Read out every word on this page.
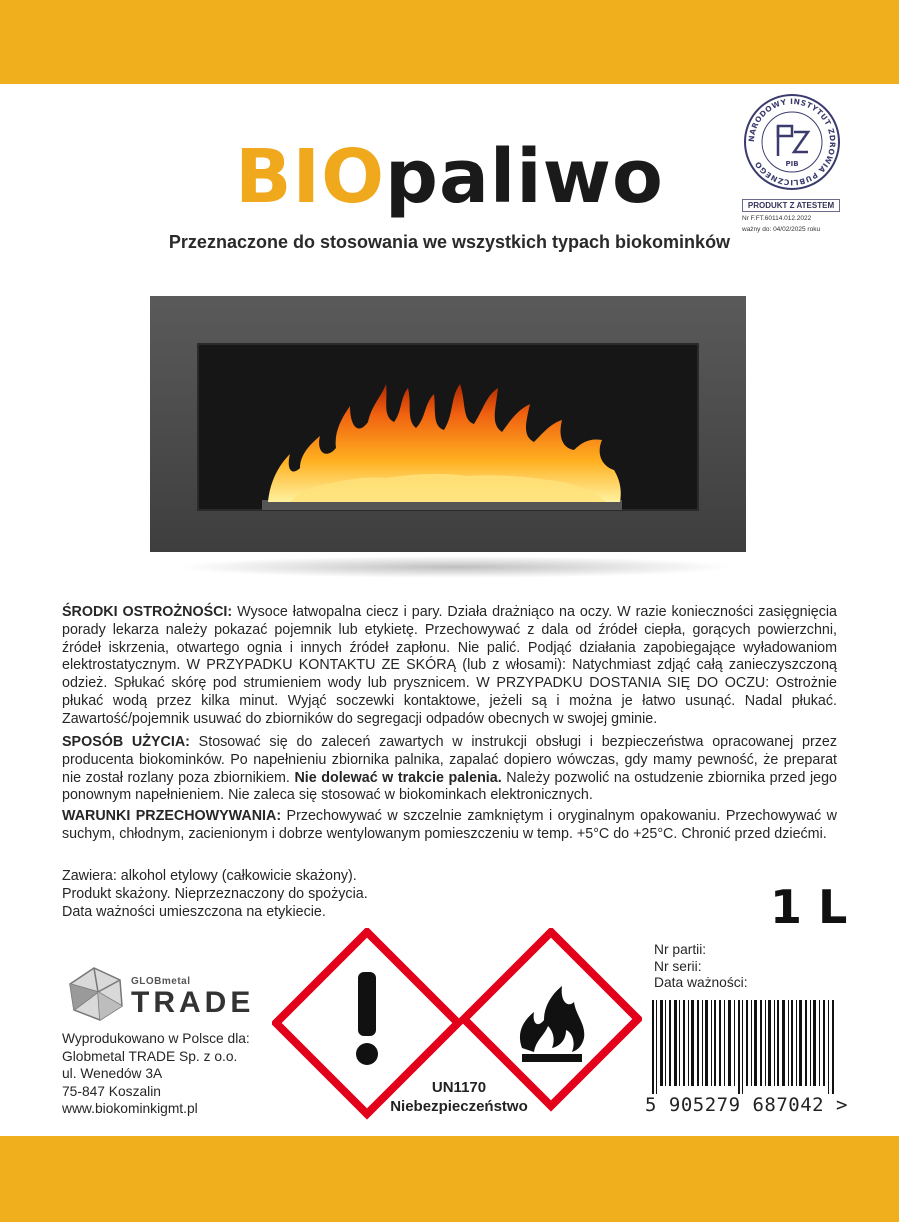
BIOpaliwo
Przeznaczone do stosowania we wszystkich typach biokominków
NARODOWY INSTYTUT ZDROWIA PUBLICZNEGO	PIB
PRODUKT Z ATESTEM
Nr F.FT.60114.012.2022
ważny do: 04/02/2025 roku
ŚRODKI OSTROŻNOŚCI: Wysoce łatwopalna ciecz i pary. Działa drażniąco na oczy. W razie konieczności zasięgnięcia porady lekarza należy pokazać pojemnik lub etykietę. Przechowywać z dala od źródeł ciepła, gorących powierzchni, źródeł iskrzenia, otwartego ognia i innych źródeł zapłonu. Nie palić. Podjąć działania zapobiegające wyładowaniom elektrostatycznym. W PRZYPADKU KONTAKTU ZE SKÓRĄ (lub z włosami): Natychmiast zdjąć całą zanieczyszczoną odzież. Spłukać skórę pod strumieniem wody lub prysznicem. W PRZYPADKU DOSTANIA SIĘ DO OCZU: Ostrożnie płukać wodą przez kilka minut. Wyjąć soczewki kontaktowe, jeżeli są i można je łatwo usunąć. Nadal płukać. Zawartość/pojemnik usuwać do zbiorników do segregacji odpadów obecnych w swojej gminie.
SPOSÓB UŻYCIA: Stosować się do zaleceń zawartych w instrukcji obsługi i bezpieczeństwa opracowanej przez producenta biokominków. Po napełnieniu zbiornika palnika, zapalać dopiero wówczas, gdy mamy pewność, że preparat nie został rozlany poza zbiornikiem. Nie dolewać w trakcie palenia. Należy pozwolić na ostudzenie zbiornika przed jego ponownym napełnieniem. Nie zaleca się stosować w biokominkach elektronicznych.
WARUNKI PRZECHOWYWANIA: Przechowywać w szczelnie zamkniętym i oryginalnym opakowaniu. Przechowywać w suchym, chłodnym, zacienionym i dobrze wentylowanym pomieszczeniu w temp. +5°C do +25°C. Chronić przed dziećmi.
Zawiera: alkohol etylowy (całkowicie skażony).
Produkt skażony. Nieprzeznaczony do spożycia.
Data ważności umieszczona na etykiecie.	1 L
GLOBmetal
TRADE
Wyprodukowano w Polsce dla:
Globmetal TRADE Sp. z o.o.
ul. Wenedów 3A
75-847 Koszalin
www.biokominkigmt.pl
UN1170
Niebezpieczeństwo
Nr partii:
Nr serii:
Data ważności:
5 905279 687042 >
